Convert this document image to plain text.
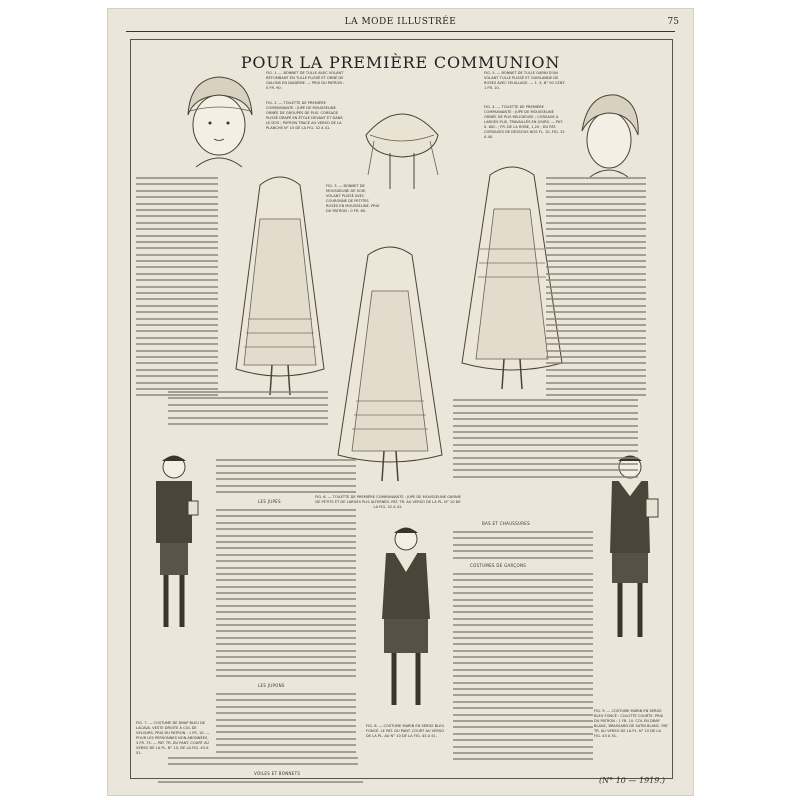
LA MODE ILLUSTRÉE	75
POUR LA PREMIÈRE COMMUNION
FIG. 1. — BONNET DE TULLE AVEC VOLANT RETOMBANT EN TULLE PLISSÉ ET ORNÉ DE GALONS EN DIADÈME. — PRIX DU PATRON : 0 FR. 90.
FIG. 2. — TOILETTE DE PREMIÈRE COMMUNIANTE : JUPE DE MOUSSELINE ORNÉE DE GROUPES DE PLIS. CORSAGE PLISSÉ DRAPÉ EN ÉTOLE DEVANT ET DANS LE DOS ; PATRON TRACÉ AU VERSO DE LA PLANCHE N° 10 DE LA FIG. 32 A 41.
FIG. 3. — BONNET DE MOUSSELINE DE SOIE, VOLANT PLISSÉ AVEC COURONNE DE PETITES ROSES EN MOUSSELINE. PRIX DU PATRON : 0 FR. 60.
FIG. 4. — TOILETTE DE PREMIÈRE COMMUNIANTE : JUPE DE MOUSSELINE ORNÉE DE PLIS RELIGIEUSE ; CORSAGE A LARGES PLIS, TRAVAILLÉS EN JOURS. — PAT. 0. 80C. ; FR. DE LA ROBE, 1,20 ; DU PAT. CORSAGES DE DESSOUS NOS FL. 10, FIG. 32 A 40.
FIG. 5. — BONNET DE TULLE GARNI D'UN VOLANT TULLE PLISSÉ ET GUIRLANDE DE ROSES AVEC FEUILLAGE. — 1. 3, N° 90 CENT. 1 FR. 10.
FIG. 6. — TOILETTE DE PREMIÈRE COMMUNIANTE : JUPE DE MOUSSELINE GARNIE DE PETITS ET DE LARGES PLIS ALTERNÉS. PAT. TR. AU VERSO DE LA PL. N° 10 DE LA FIG. 32 A 41.
FIG. 7. — COSTUME DE DRAP BLEU DE LACAVA. VESTE DROITE À COL DE VELOURS. PRIX DU PATRON : 1 FR. 10. — POUR LES PERSONNES NON ABONNÉES, 3 FR. 75. — PAT. TR. DU PANT. COURT AU VERSO DE LA PL. N° 10, DE LA FIG. 43 A 51.
FIG. 8. — COSTUME MARIN EN SERGE BLEU FONCÉ. LE PAT. DU PANT. COURT AU VERSO DE LA PL. AU N° 10 DE LA FIG. 43 A 51.
FIG. 9. — COSTUME MARIN EN SERGE BLEU FONCÉ : CULOTTE COURTE. PRIX DU PATRON : 1 FR. 10. COL EN DRAP BLANC, BRASSARD DE SATIN BLANC. PAT. TR. AU VERSO DE LA PL. N° 10 DE LA FIG. 43 A 51.
LES JUPES
LES JUPONS
VOILES ET BONNETS
BAS ET CHAUSSURES
COSTUMES DE GARÇONS
(N° 10 — 1919.)
